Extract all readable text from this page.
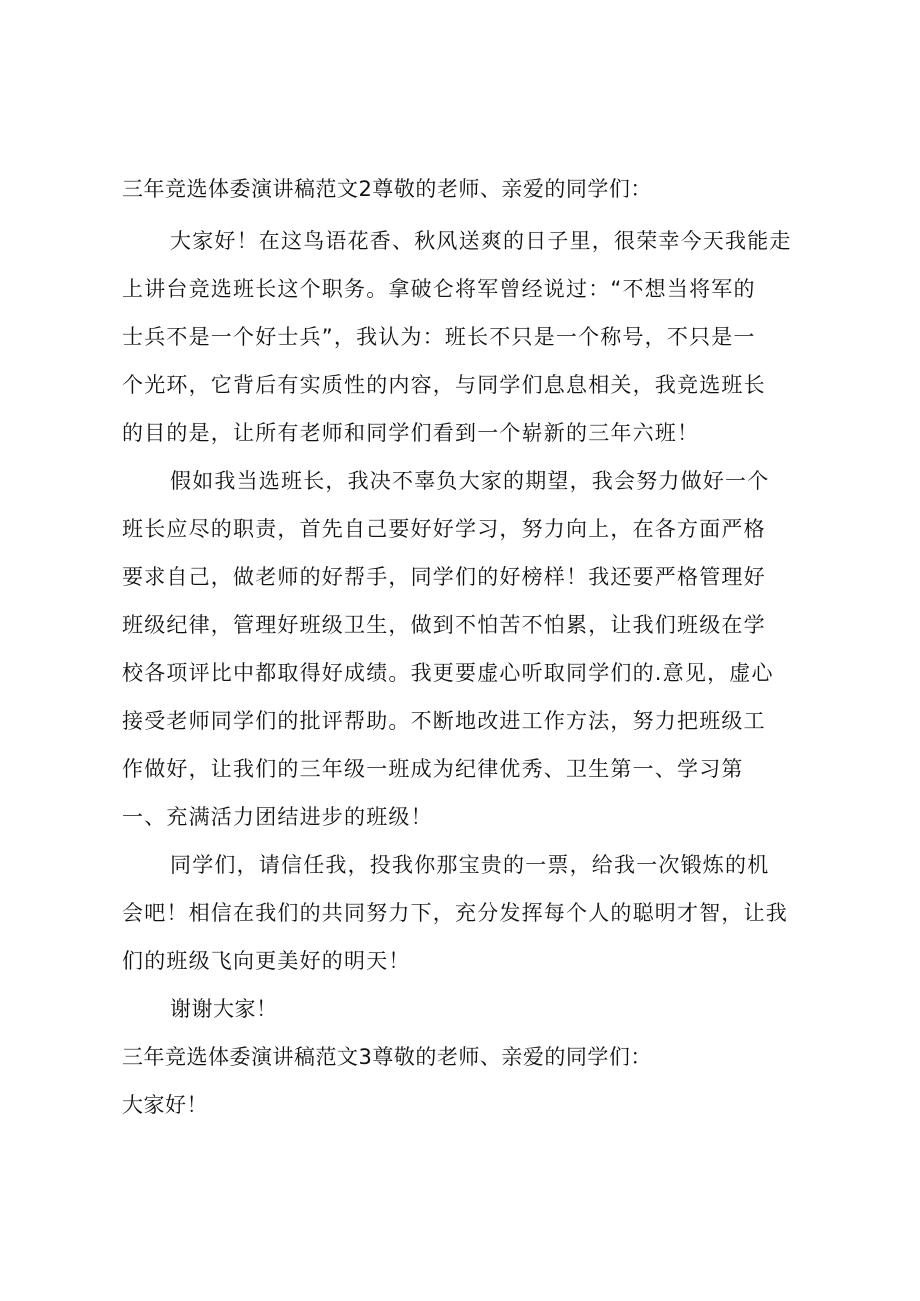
三年竞选体委演讲稿范文2尊敬的老师、亲爱的同学们：
大家好！在这鸟语花香、秋风送爽的日子里，很荣幸今天我能走
上讲台竞选班长这个职务。拿破仑将军曾经说过：“不想当将军的
士兵不是一个好士兵”，我认为：班长不只是一个称号，不只是一
个光环，它背后有实质性的内容，与同学们息息相关，我竞选班长
的目的是，让所有老师和同学们看到一个崭新的三年六班！
假如我当选班长，我决不辜负大家的期望，我会努力做好一个
班长应尽的职责，首先自己要好好学习，努力向上，在各方面严格
要求自己，做老师的好帮手，同学们的好榜样！我还要严格管理好
班级纪律，管理好班级卫生，做到不怕苦不怕累，让我们班级在学
校各项评比中都取得好成绩。我更要虚心听取同学们的.意见，虚心
接受老师同学们的批评帮助。不断地改进工作方法，努力把班级工
作做好，让我们的三年级一班成为纪律优秀、卫生第一、学习第
一、充满活力团结进步的班级！
同学们，请信任我，投我你那宝贵的一票，给我一次锻炼的机
会吧！相信在我们的共同努力下，充分发挥每个人的聪明才智，让我
们的班级飞向更美好的明天！
谢谢大家！
三年竞选体委演讲稿范文3尊敬的老师、亲爱的同学们：
大家好！
